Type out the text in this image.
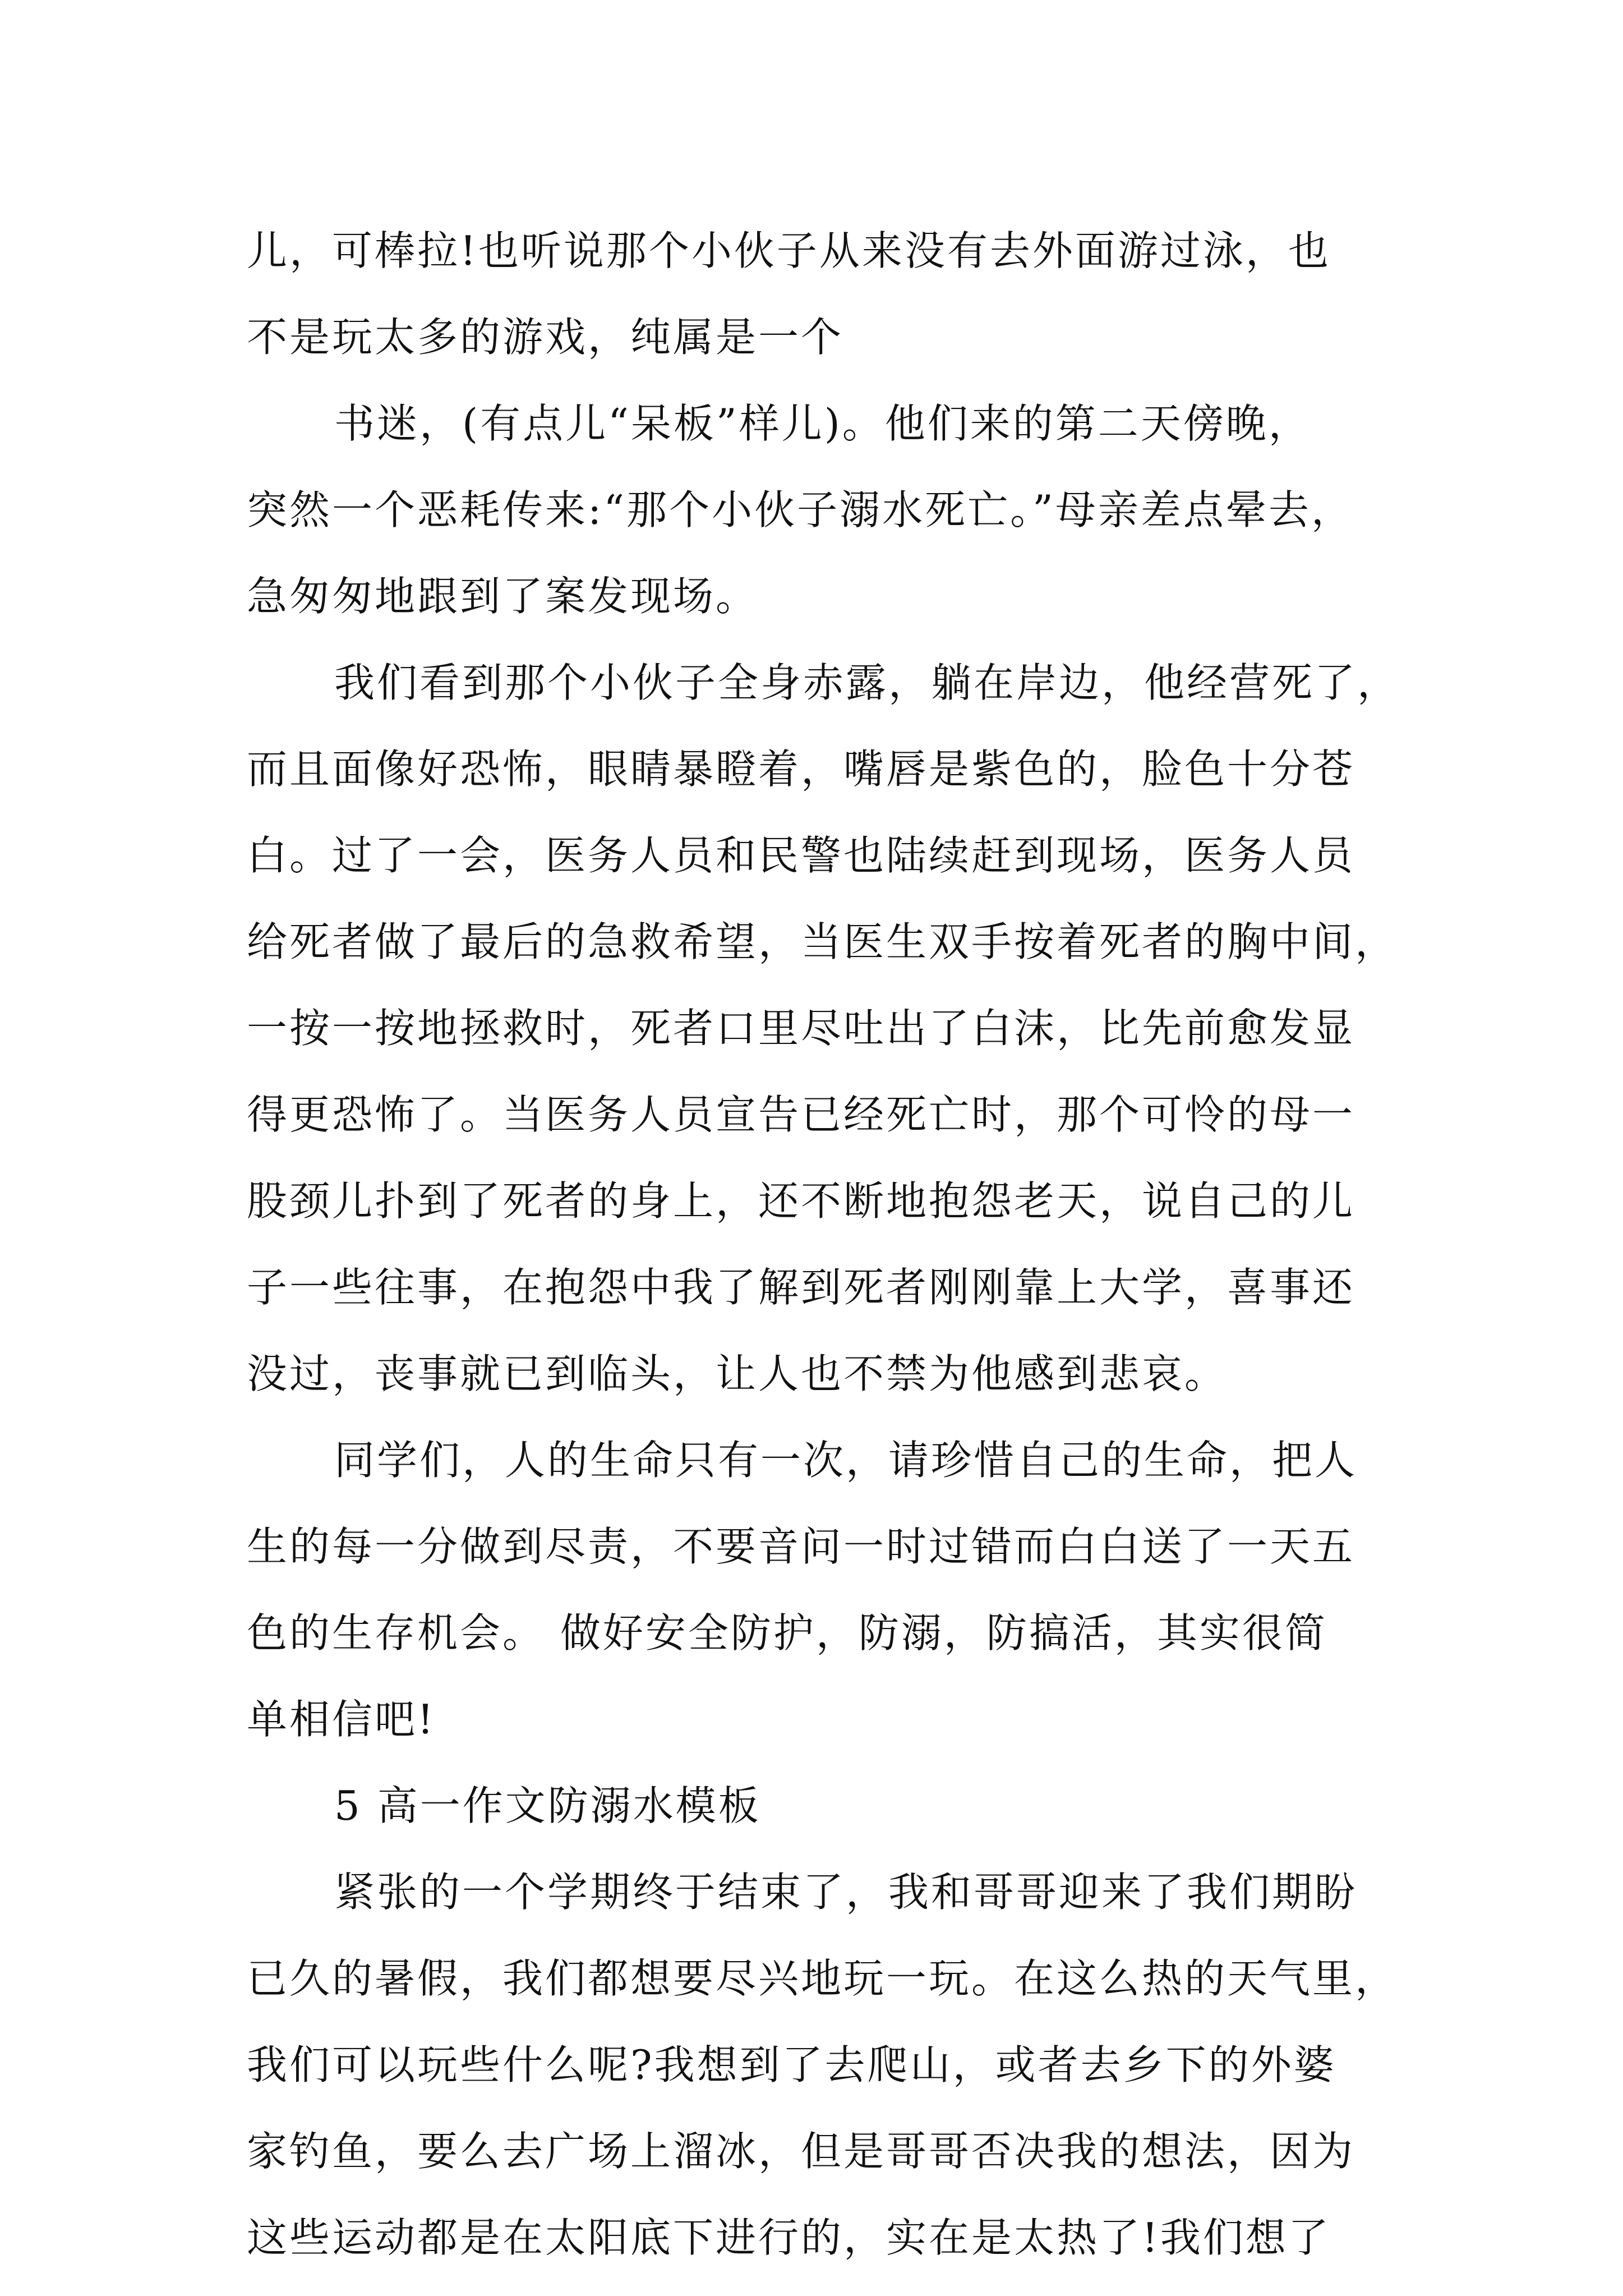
儿，可棒拉!也听说那个小伙子从来没有去外面游过泳，也
不是玩太多的游戏，纯属是一个
书迷，(有点儿“呆板”样儿)。他们来的第二天傍晚，
突然一个恶耗传来:“那个小伙子溺水死亡。”母亲差点晕去，
急匆匆地跟到了案发现场。
我们看到那个小伙子全身赤露，躺在岸边，他经营死了，
而且面像好恐怖，眼睛暴瞪着，嘴唇是紫色的，脸色十分苍
白。过了一会，医务人员和民警也陆续赶到现场，医务人员
给死者做了最后的急救希望，当医生双手按着死者的胸中间，
一按一按地拯救时，死者口里尽吐出了白沫，比先前愈发显
得更恐怖了。当医务人员宣告已经死亡时，那个可怜的母一
股颈儿扑到了死者的身上，还不断地抱怨老天，说自己的儿
子一些往事，在抱怨中我了解到死者刚刚靠上大学，喜事还
没过，丧事就已到临头，让人也不禁为他感到悲哀。
同学们，人的生命只有一次，请珍惜自己的生命，把人
生的每一分做到尽责，不要音问一时过错而白白送了一天五
色的生存机会。 做好安全防护，防溺，防搞活，其实很简
单相信吧!
5 高一作文防溺水模板
紧张的一个学期终于结束了，我和哥哥迎来了我们期盼
已久的暑假，我们都想要尽兴地玩一玩。在这么热的天气里，
我们可以玩些什么呢?我想到了去爬山，或者去乡下的外婆
家钓鱼，要么去广场上溜冰，但是哥哥否决我的想法，因为
这些运动都是在太阳底下进行的，实在是太热了!我们想了
